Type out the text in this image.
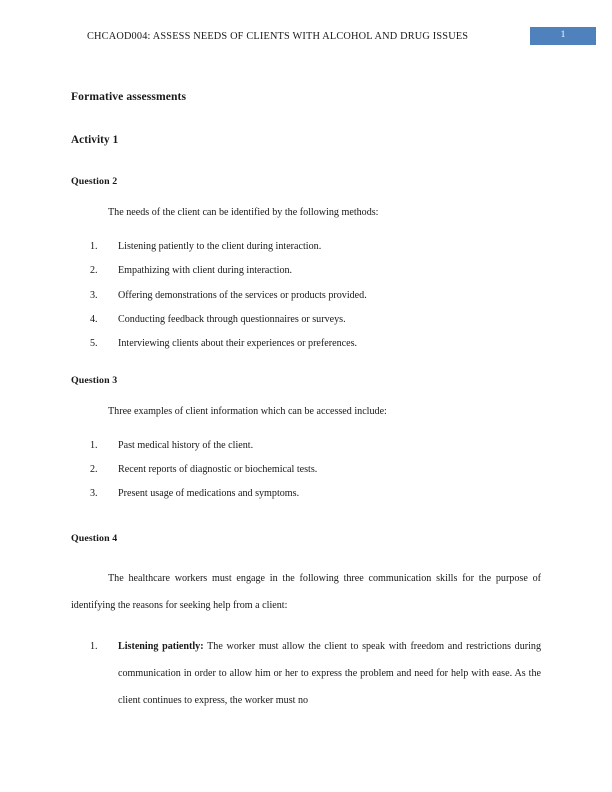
CHCAOD004: ASSESS NEEDS OF CLIENTS WITH ALCOHOL AND DRUG ISSUES	1
Formative assessments
Activity 1
Question 2

The needs of the client can be identified by the following methods:

1.	Listening patiently to the client during interaction.
2.	Empathizing with client during interaction.
3.	Offering demonstrations of the services or products provided.
4.	Conducting feedback through questionnaires or surveys.
5.	Interviewing clients about their experiences or preferences.
Question 3

Three examples of client information which can be accessed include:

1.	Past medical history of the client.
2.	Recent reports of diagnostic or biochemical tests.
3.	Present usage of medications and symptoms.
Question 4

The healthcare workers must engage in the following three communication skills for the purpose of identifying the reasons for seeking help from a client:

1.	Listening patiently: The worker must allow the client to speak with freedom and restrictions during communication in order to allow him or her to express the problem and need for help with ease. As the client continues to express, the worker must no
